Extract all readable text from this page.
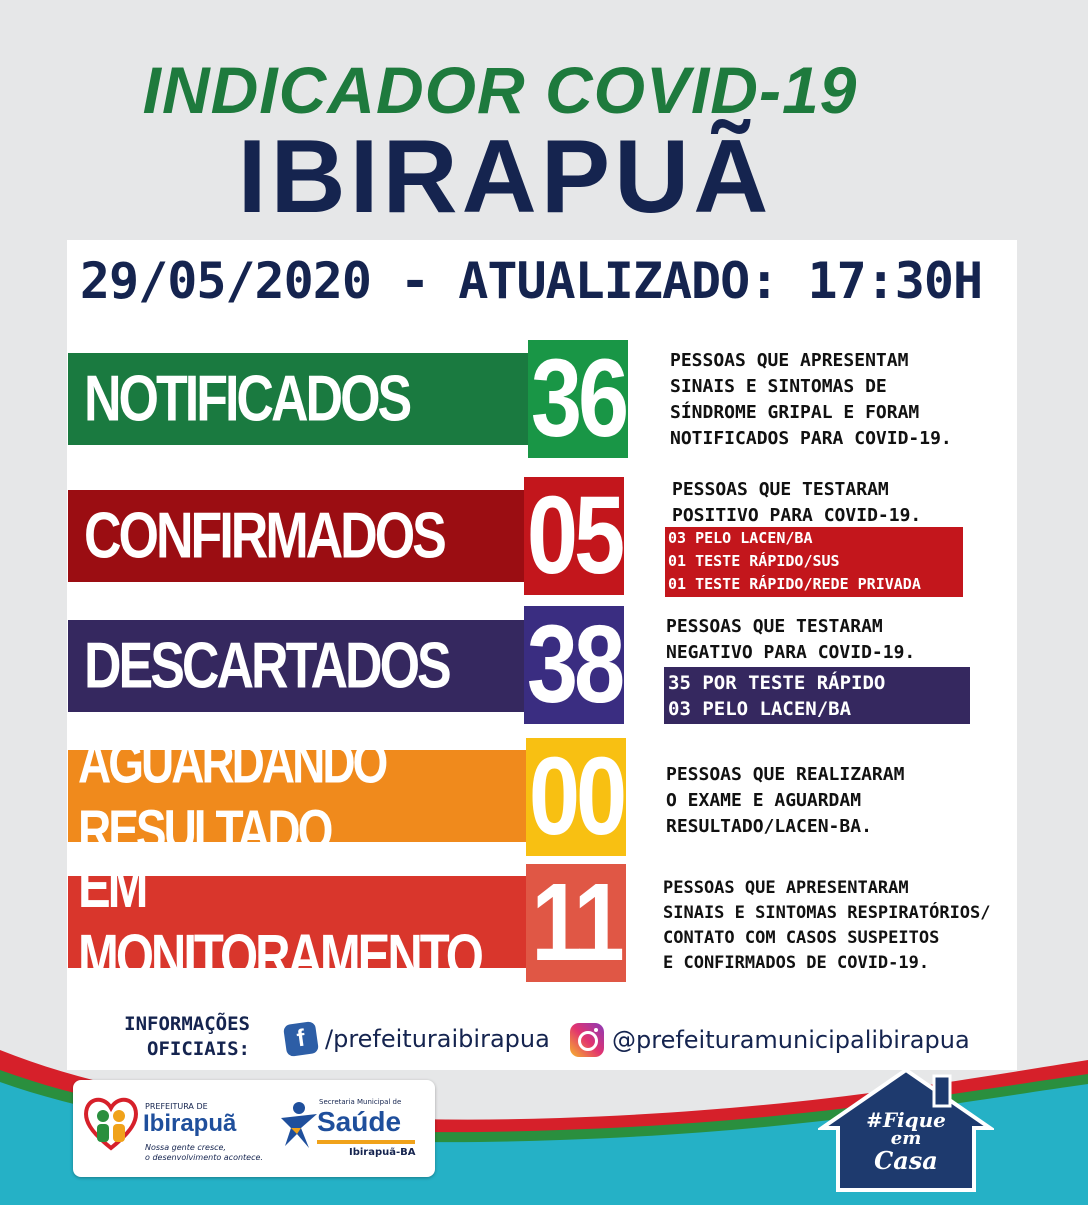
INDICADOR COVID-19
IBIRAPUÃ
29/05/2020 - ATUALIZADO: 17:30H
NOTIFICADOS 36 PESSOAS QUE APRESENTAM
SINAIS E SINTOMAS DE
SÍNDROME GRIPAL E FORAM
NOTIFICADOS PARA COVID-19.
CONFIRMADOS 05	PESSOAS QUE TESTARAM
POSITIVO PARA COVID-19.
03 PELO LACEN/BA
01 TESTE RÁPIDO/SUS
01 TESTE RÁPIDO/REDE PRIVADA
DESCARTADOS 38 PESSOAS QUE TESTARAM
NEGATIVO PARA COVID-19.
35 POR TESTE RÁPIDO
03 PELO LACEN/BA
AGUARDANDO RESULTADO	00 PESSOAS QUE REALIZARAM
O EXAME E AGUARDAM
RESULTADO/LACEN-BA.
EM MONITORAMENTO 11 PESSOAS QUE APRESENTARAM
SINAIS E SINTOMAS RESPIRATÓRIOS/
CONTATO COM CASOS SUSPEITOS
E CONFIRMADOS DE COVID-19.
INFORMAÇÕES
OFICIAIS:	f /prefeituraibirapua	@prefeituramunicipalibirapua
PREFEITURA DE
Ibirapuã
Nossa gente cresce,
o desenvolvimento acontece.
Secretaria Municipal de
Saúde
Ibirapuã-BA
#Fique
em
Casa
